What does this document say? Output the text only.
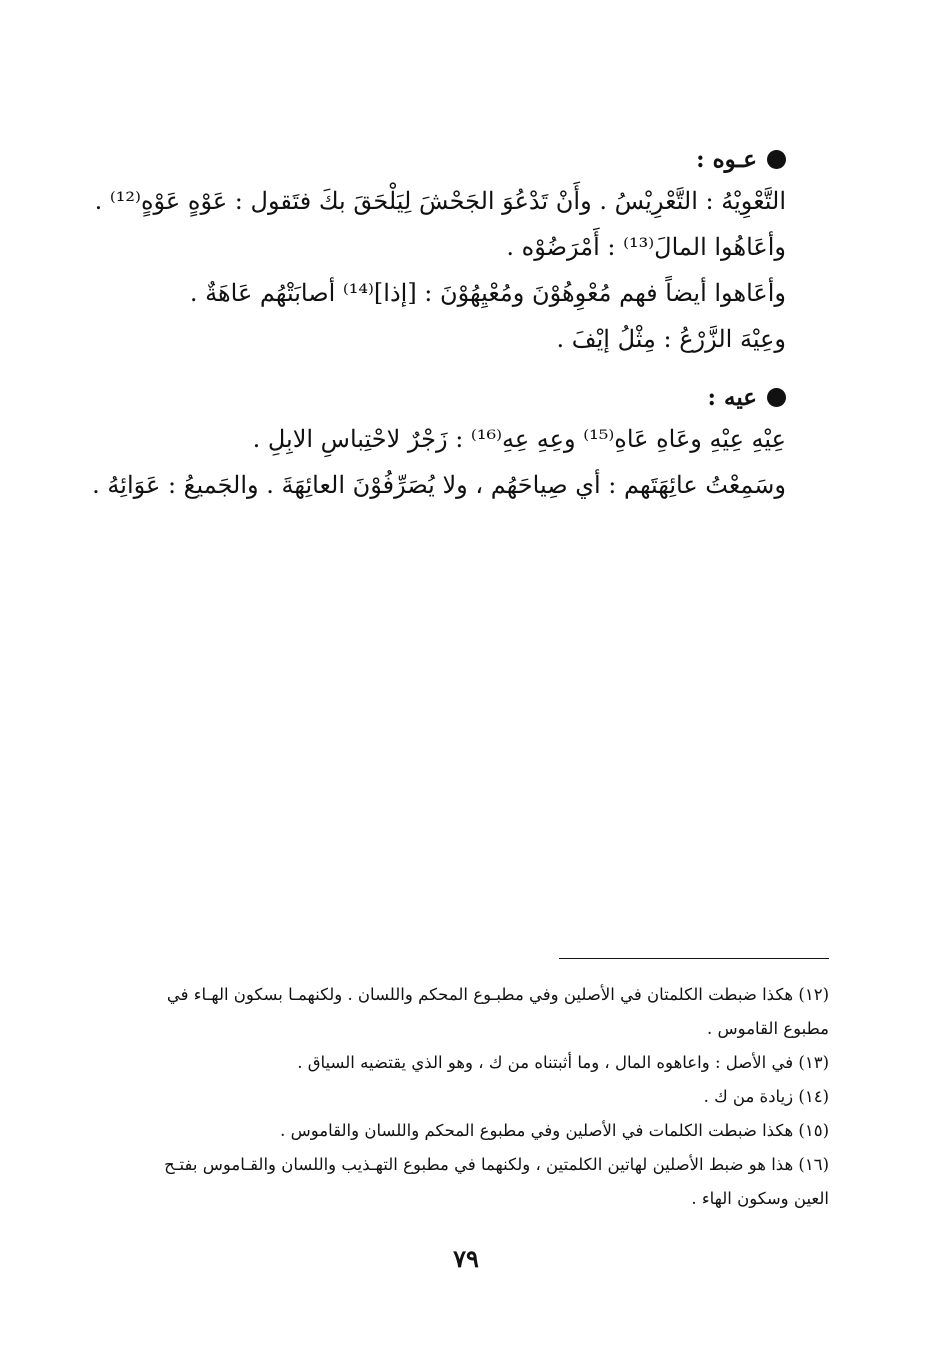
عـوه :
التَّعْوِيْهُ : التَّعْرِيْسُ . وأَنْ تَدْعُوَ الجَحْشَ لِيَلْحَقَ بكَ فتَقول : عَوْهٍ عَوْهٍ⁽¹²⁾ .
وأعَاهُوا المالَ⁽¹³⁾ : أَمْرَضُوْه .
وأعَاهوا أيضاً فهم مُعْوِهُوْنَ ومُعْيِهُوْنَ : [إذا]⁽¹⁴⁾ أصابَتْهُم عَاهَةٌ .
وعِيْهَ الزَّرْعُ : مِثْلُ إيْفَ .
عيه :
عِيْهِ عِيْهِ وعَاهِ عَاهِ⁽¹⁵⁾ وعِهِ عِهِ⁽¹⁶⁾ : زَجْرٌ لاحْتِباسِ الابِلِ .
وسَمِعْتُ عائِهَتَهم : أي صِياحَهُم ، ولا يُصَرِّفُوْنَ العائِهَةَ . والجَميعُ : عَوَائِهُ .
(١٢) هكذا ضبطت الكلمتان في الأصلين وفي مطبـوع المحكم واللسان . ولكنهمـا بسكون الهـاء في
مطبوع القاموس .
(١٣) في الأصل : واعاهوه المال ، وما أثبتناه من ك ، وهو الذي يقتضيه السياق .
(١٤) زيادة من ك .
(١٥) هكذا ضبطت الكلمات في الأصلين وفي مطبوع المحكم واللسان والقاموس .
(١٦) هذا هو ضبط الأصلين لهاتين الكلمتين ، ولكنهما في مطبوع التهـذيب واللسان والقـاموس بفتـح
العين وسكون الهاء .
٧٩
